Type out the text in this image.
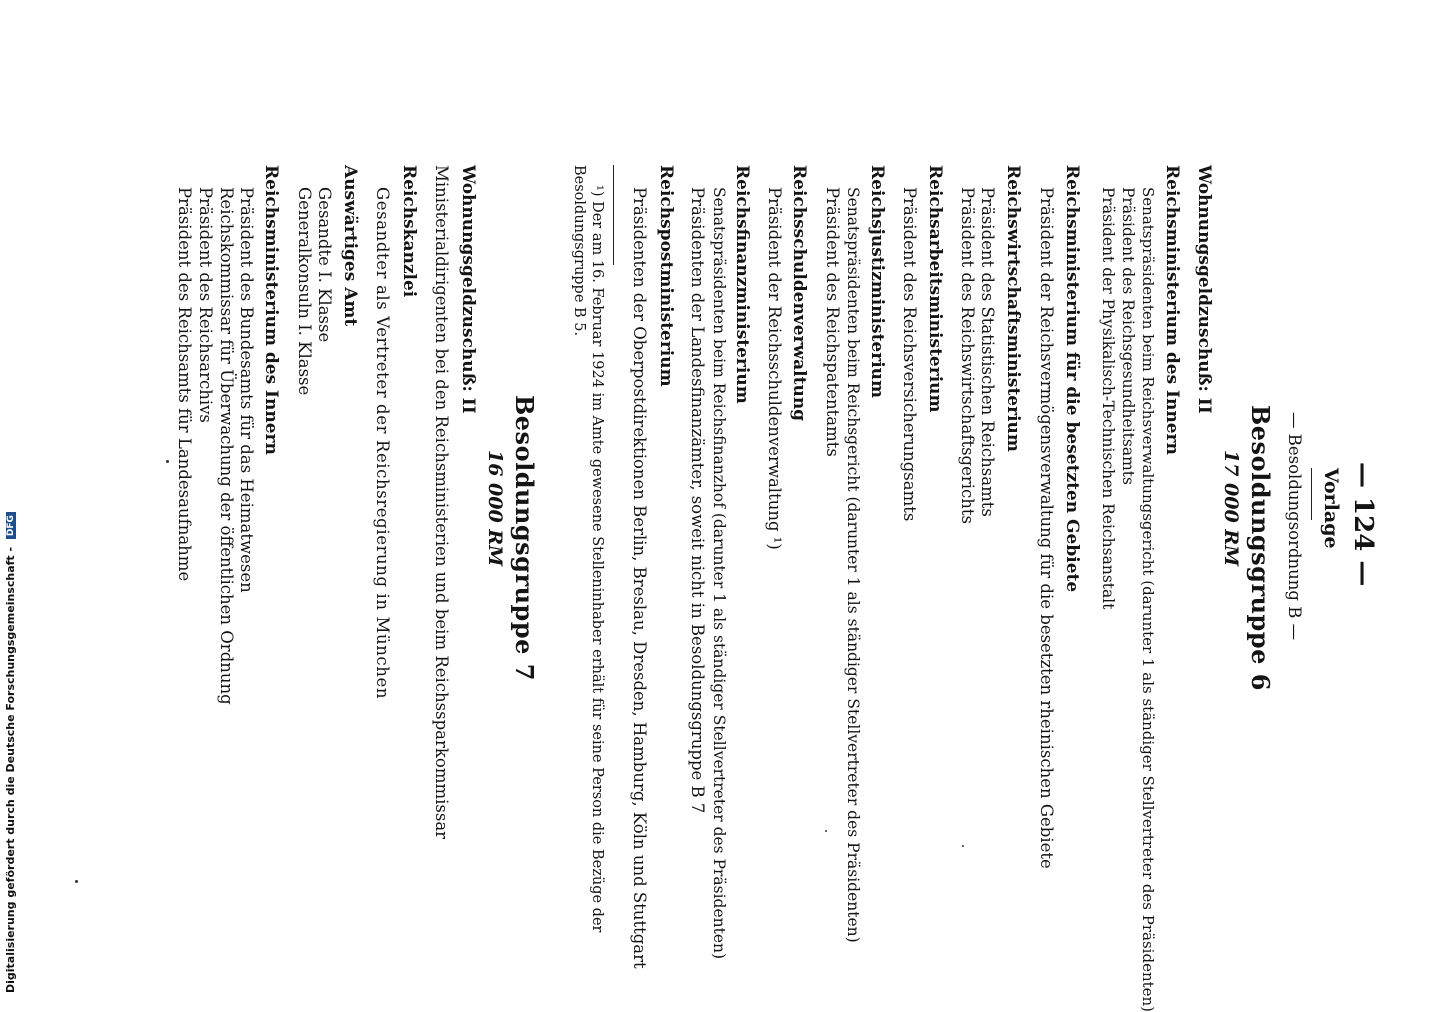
— 124 —
Vorlage
— Besoldungsordnung B —
Besoldungsgruppe 6
17 000 RM
Wohnungsgeldzuschuß: II
Reichsministerium des Innern
Senatspräsidenten beim Reichsverwaltungsgericht (darunter 1 als ständiger Stellvertreter des Präsidenten)
Präsident des Reichsgesundheitsamts
Präsident der Physikalisch-Technischen Reichsanstalt
Reichsministerium für die besetzten Gebiete
Präsident der Reichsvermögensverwaltung für die besetzten rheinischen Gebiete
Reichswirtschaftsministerium
Präsident des Statistischen Reichsamts
Präsident des Reichswirtschaftsgerichts
Reichsarbeitsministerium
Präsident des Reichsversicherungsamts
Reichsjustizministerium
Senatspräsidenten beim Reichsgericht (darunter 1 als ständiger Stellvertreter des Präsidenten)
Präsident des Reichspatentamts
Reichsschuldenverwaltung
Präsident der Reichsschuldenverwaltung ¹)
Reichsfinanzministerium
Senatspräsidenten beim Reichsfinanzhof (darunter 1 als ständiger Stellvertreter des Präsidenten)
Präsidenten der Landesfinanzämter, soweit nicht in Besoldungsgruppe B 7
Reichspostministerium
Präsidenten der Oberpostdirektionen Berlin, Breslau, Dresden, Hamburg, Köln und Stuttgart
¹) Der am 16. Februar 1924 im Amte gewesene Stelleninhaber erhält für seine Person die Bezüge der
Besoldungsgruppe B 5.
Besoldungsgruppe 7
16 000 RM
Wohnungsgeldzuschuß: II
Ministerialdirigenten bei den Reichsministerien und beim Reichssparkommissar
Reichskanzlei
Gesandter als Vertreter der Reichsregierung in München
Auswärtiges Amt
Gesandte I. Klasse
Generalkonsuln I. Klasse
Reichsministerium des Innern
Präsident des Bundesamts für das Heimatwesen
Reichskommissar für Überwachung der öffentlichen Ordnung
Präsident des Reichsarchivs
Präsident des Reichsamts für Landesaufnahme
Digitalisierung gefördert durch die Deutsche Forschungsgemeinschaft - DFG
